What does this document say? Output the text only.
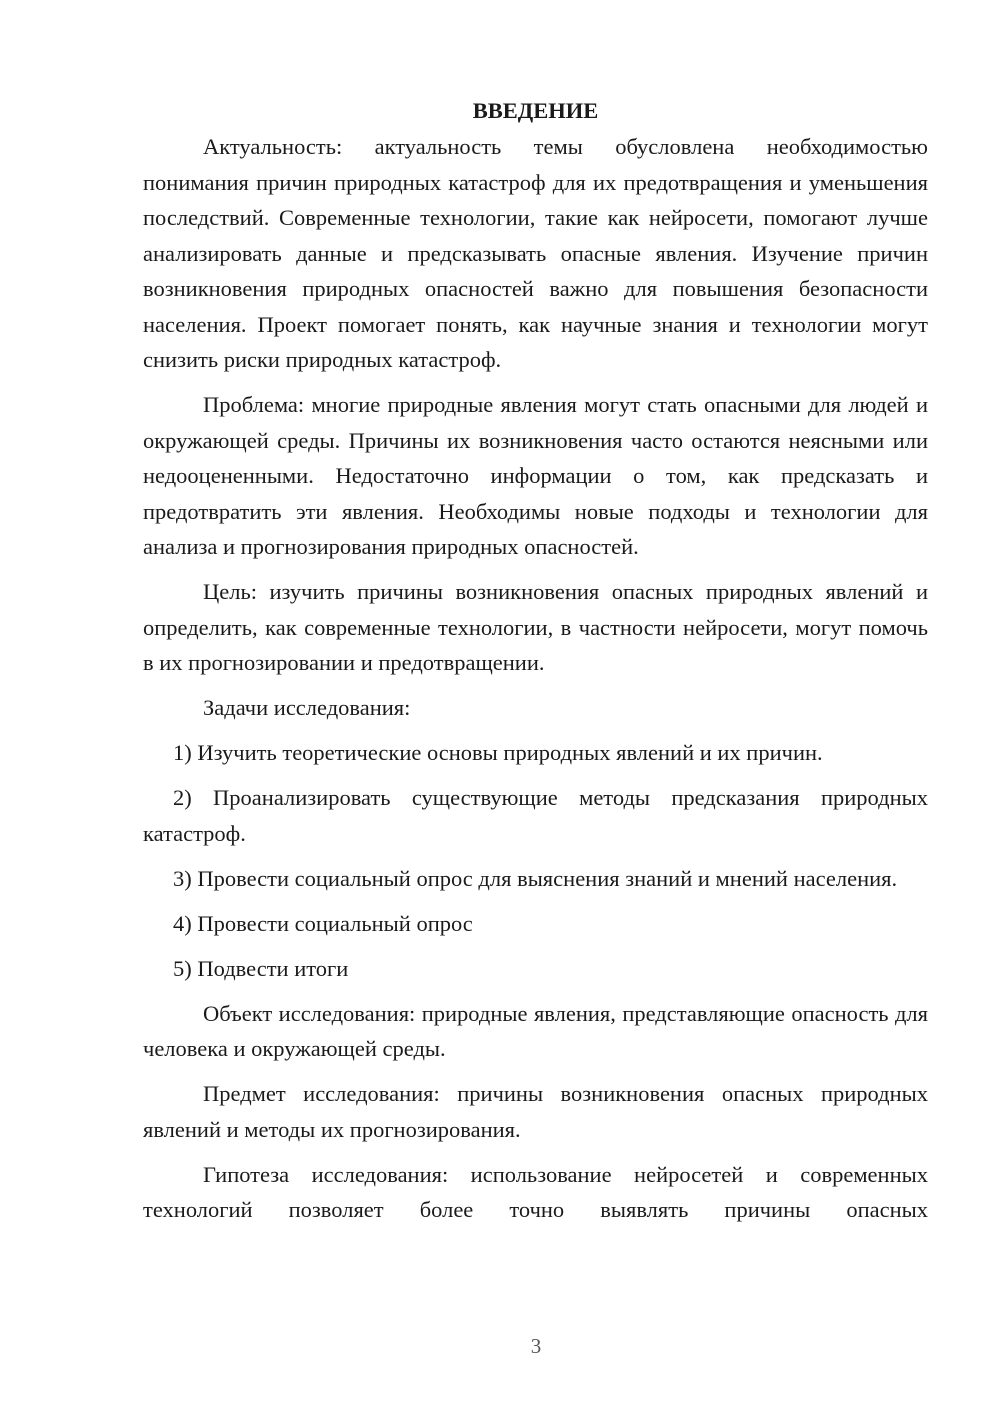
ВВЕДЕНИЕ

Актуальность: актуальность темы обусловлена необходимостью понимания причин природных катастроф для их предотвращения и уменьшения последствий. Современные технологии, такие как нейросети, помогают лучше анализировать данные и предсказывать опасные явления. Изучение причин возникновения природных опасностей важно для повышения безопасности населения. Проект помогает понять, как научные знания и технологии могут снизить риски природных катастроф.

Проблема: многие природные явления могут стать опасными для людей и окружающей среды. Причины их возникновения часто остаются неясными или недооцененными. Недостаточно информации о том, как предсказать и предотвратить эти явления. Необходимы новые подходы и технологии для анализа и прогнозирования природных опасностей.

Цель: изучить причины возникновения опасных природных явлений и определить, как современные технологии, в частности нейросети, могут помочь в их прогнозировании и предотвращении.

Задачи исследования:

1) Изучить теоретические основы природных явлений и их причин.

2) Проанализировать существующие методы предсказания природных катастроф.

3) Провести социальный опрос для выяснения знаний и мнений населения.

4) Провести социальный опрос

5) Подвести итоги

Объект исследования: природные явления, представляющие опасность для человека и окружающей среды.

Предмет исследования: причины возникновения опасных природных явлений и методы их прогнозирования.

Гипотеза исследования: использование нейросетей и современных технологий позволяет более точно выявлять причины опасных

3
